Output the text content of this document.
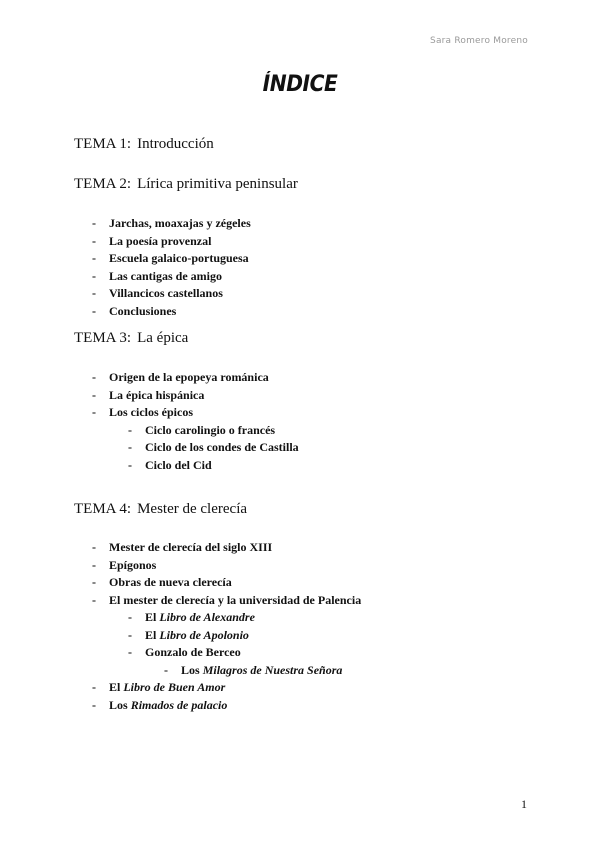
Sara Romero Moreno
ÍNDICE
TEMA 1: Introducción
TEMA 2: Lírica primitiva peninsular
- Jarchas, moaxajas y zégeles
- La poesía provenzal
- Escuela galaico-portuguesa
- Las cantigas de amigo
- Villancicos castellanos
- Conclusiones
TEMA 3: La épica
- Origen de la epopeya románica
- La épica hispánica
- Los ciclos épicos
- Ciclo carolingio o francés
- Ciclo de los condes de Castilla
- Ciclo del Cid
TEMA 4: Mester de clerecía
- Mester de clerecía del siglo XIII
- Epígonos
- Obras de nueva clerecía
- El mester de clerecía y la universidad de Palencia
- El Libro de Alexandre
- El Libro de Apolonio
- Gonzalo de Berceo
- Los Milagros de Nuestra Señora
- El Libro de Buen Amor
- Los Rimados de palacio
1
